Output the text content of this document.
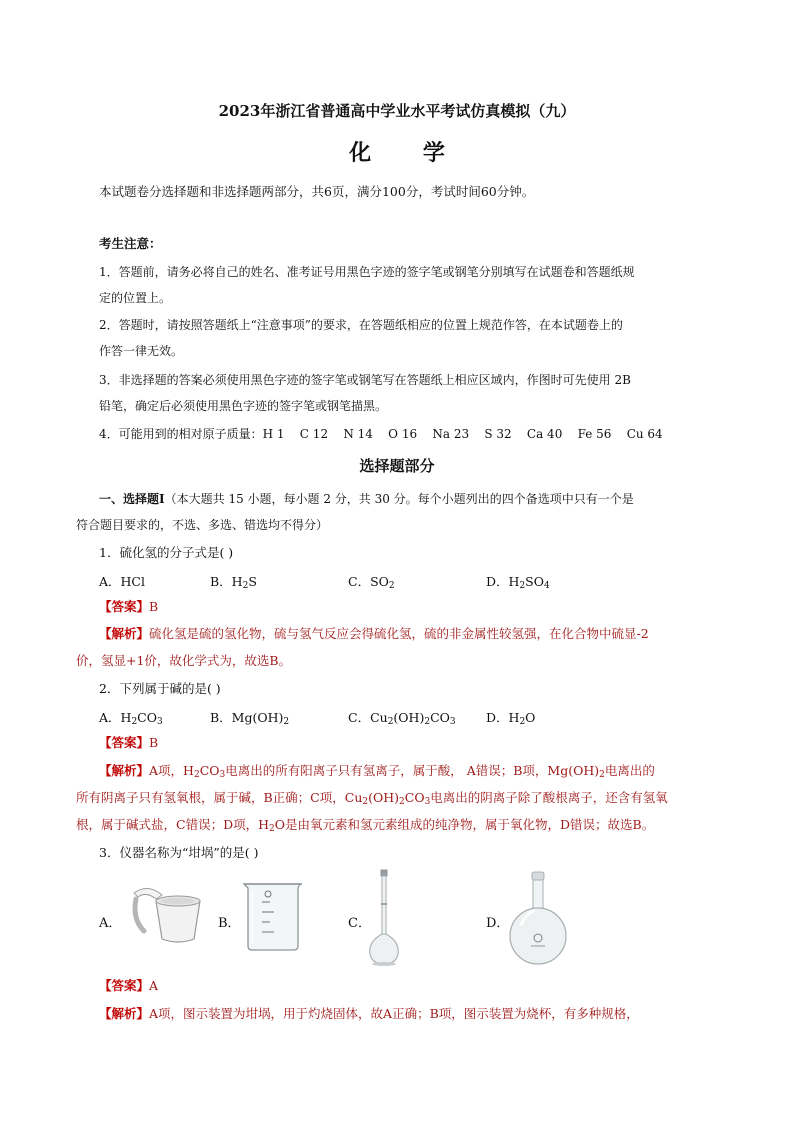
2023年浙江省普通高中学业水平考试仿真模拟（九）
化 学
本试题卷分选择题和非选择题两部分，共6页，满分100分，考试时间60分钟。
考生注意：
1．答题前，请务必将自己的姓名、准考证号用黑色字迹的签字笔或钢笔分别填写在试题卷和答题纸规
定的位置上。
2．答题时，请按照答题纸上“注意事项”的要求，在答题纸相应的位置上规范作答，在本试题卷上的
作答一律无效。
3．非选择题的答案必须使用黑色字迹的签字笔或钢笔写在答题纸上相应区域内，作图时可先使用 2B
铅笔，确定后必须使用黑色字迹的签字笔或钢笔描黑。
4．可能用到的相对原子质量：H 1    C 12    N 14    O 16    Na 23    S 32    Ca 40    Fe 56    Cu 64
选择题部分
一、选择题Ⅰ（本大题共 15 小题，每小题 2 分，共 30 分。每个小题列出的四个备选项中只有一个是
符合题目要求的，不选、多选、错选均不得分）
1．硫化氢的分子式是( )
A．HCl	B．$H_2S$	C．$SO_2$	D．$H_2SO_4$
【答案】B
【解析】硫化氢是硫的氢化物，硫与氢气反应会得硫化氢，硫的非金属性较氢强，在化合物中硫显-2
价，氢显+1价，故化学式为，故选B。
2．下列属于碱的是( )
A．$H_2CO_3$	B．$Mg(OH)_2$	C．$Cu_2(OH)_2CO_3$ D．$H_2O$
【答案】B
【解析】A项，$H_2CO_3$电离出的所有阳离子只有氢离子，属于酸， A错误；B项，$Mg(OH)_2$电离出的
所有阴离子只有氢氧根，属于碱，B正确；C项，$Cu_2(OH)_2CO_3$电离出的阴离子除了酸根离子，还含有氢氧
根，属于碱式盐，C错误；D项，$H_2O$是由氧元素和氢元素组成的纯净物，属于氧化物，D错误；故选B。
3．仪器名称为“坩埚”的是( )
A．	B．	C．	D．
【答案】A
【解析】A项，图示装置为坩埚，用于灼烧固体，故A正确；B项，图示装置为烧杯，有多种规格，
